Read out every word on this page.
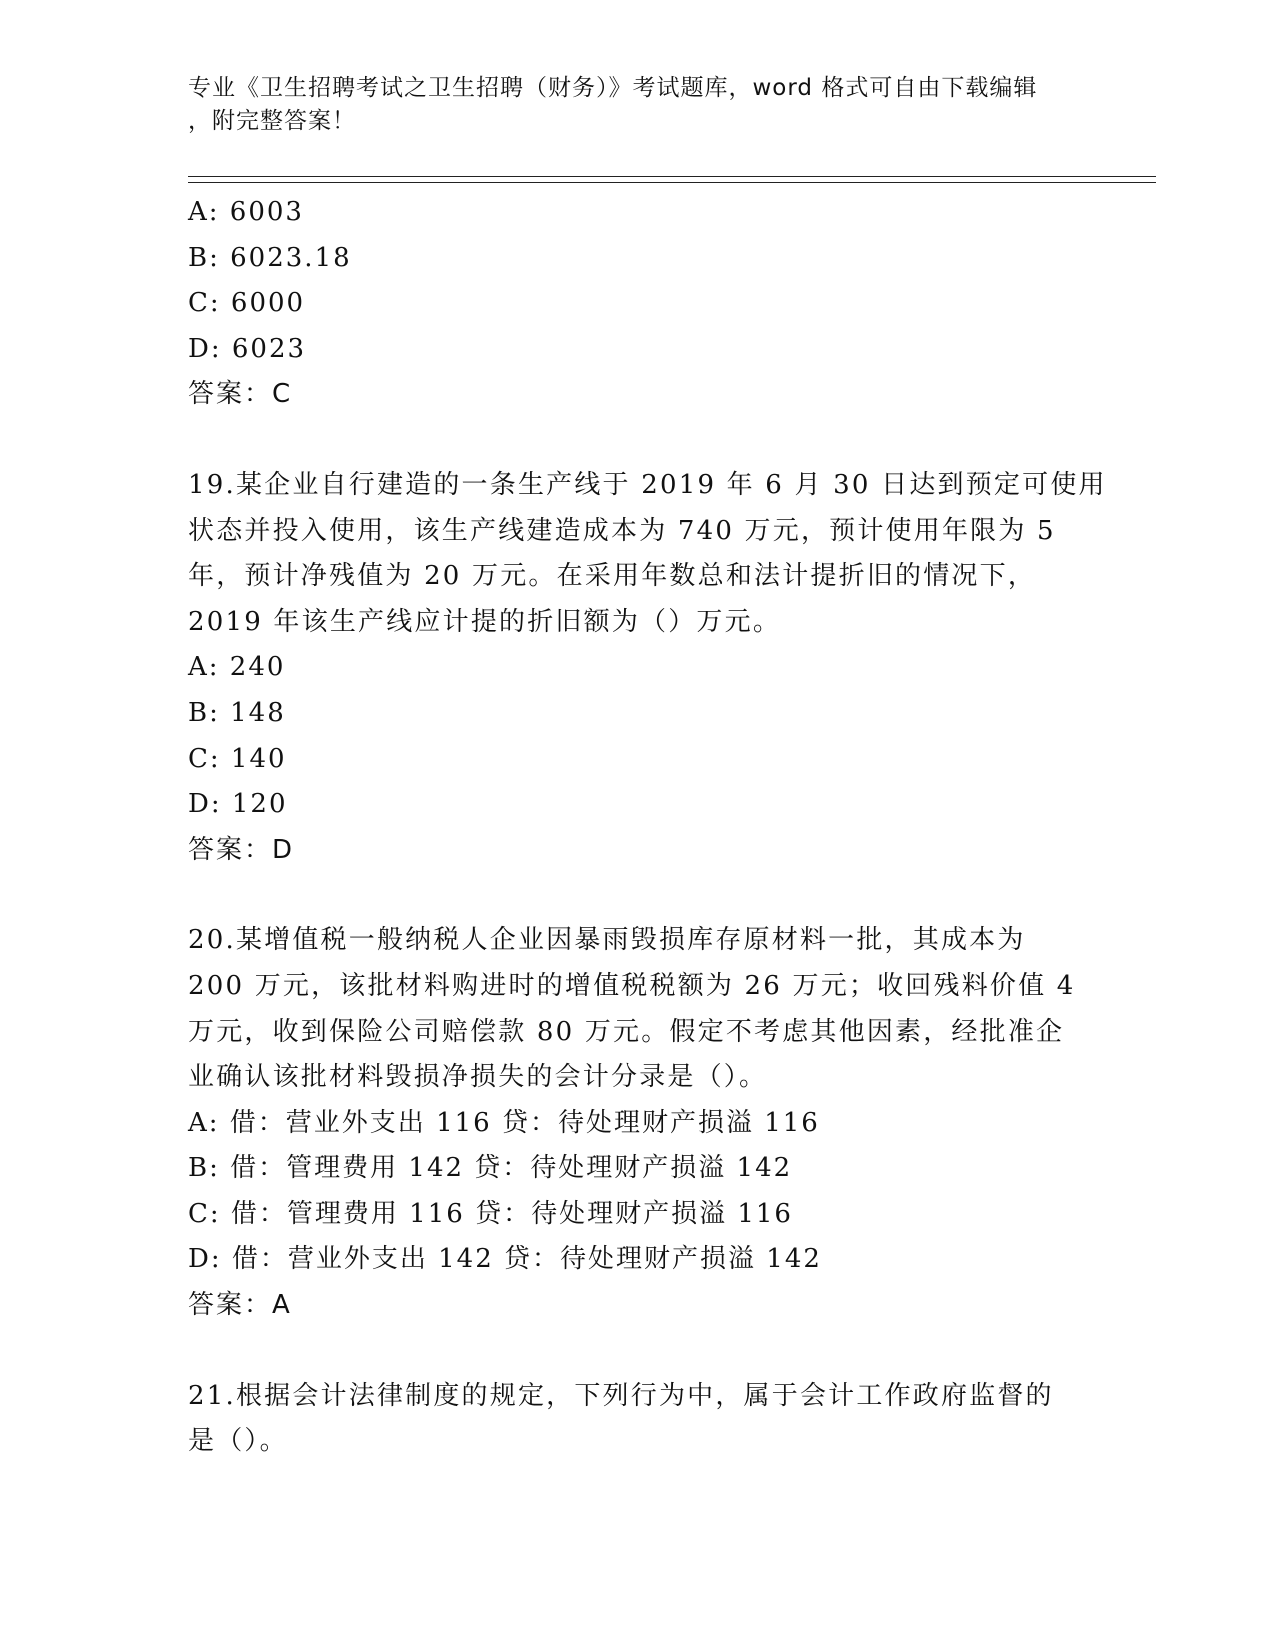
专业《卫生招聘考试之卫生招聘（财务）》考试题库，word 格式可自由下载编辑
，附完整答案！
A: 6003
B: 6023.18
C: 6000
D: 6023
答案：C
19.某企业自行建造的一条生产线于 2019 年 6 月 30 日达到预定可使用
状态并投入使用，该生产线建造成本为 740 万元，预计使用年限为 5
年，预计净残值为 20 万元。在采用年数总和法计提折旧的情况下，
2019 年该生产线应计提的折旧额为（）万元。
A: 240
B: 148
C: 140
D: 120
答案：D
20.某增值税一般纳税人企业因暴雨毁损库存原材料一批，其成本为
200 万元，该批材料购进时的增值税税额为 26 万元；收回残料价值 4
万元，收到保险公司赔偿款 80 万元。假定不考虑其他因素，经批准企
业确认该批材料毁损净损失的会计分录是（）。
A: 借：营业外支出 116 贷：待处理财产损溢 116
B: 借：管理费用 142 贷：待处理财产损溢 142
C: 借：管理费用 116 贷：待处理财产损溢 116
D: 借：营业外支出 142 贷：待处理财产损溢 142
答案：A
21.根据会计法律制度的规定，下列行为中，属于会计工作政府监督的
是（）。
